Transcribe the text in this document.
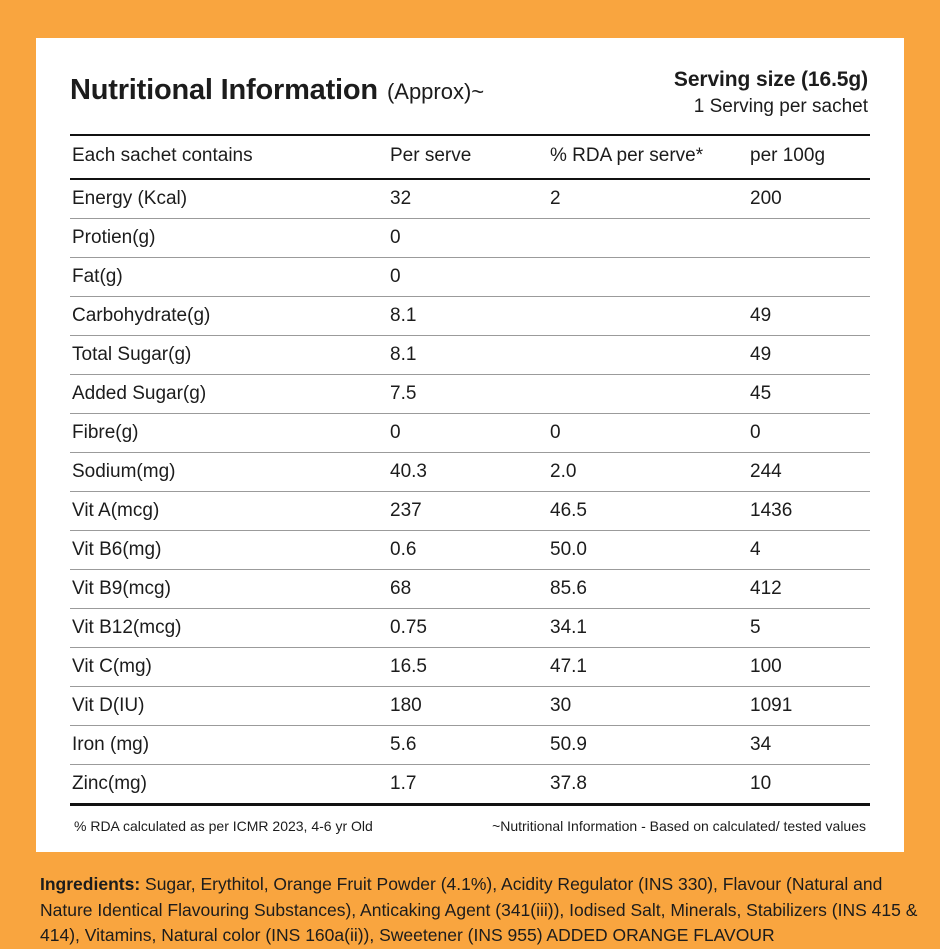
Nutritional Information (Approx)~	Serving size (16.5g)
1 Serving per sachet
Each sachet contains	Per serve	% RDA per serve*	per 100g
Energy (Kcal)	32	2	200
Protien(g)	0		
Fat(g)	0		
Carbohydrate(g)	8.1		49
Total Sugar(g)	8.1		49
Added Sugar(g)	7.5		45
Fibre(g)	0	0	0
Sodium(mg)	40.3	2.0	244
Vit A(mcg)	237	46.5	1436
Vit B6(mg)	0.6	50.0	4
Vit B9(mcg)	68	85.6	412
Vit B12(mcg)	0.75	34.1	5
Vit C(mg)	16.5	47.1	100
Vit D(IU)	180	30	1091
Iron (mg)	5.6	50.9	34
Zinc(mg)	1.7	37.8	10
% RDA calculated as per ICMR 2023, 4-6 yr Old	~Nutritional Information - Based on calculated/ tested values
Ingredients: Sugar, Erythitol, Orange Fruit Powder (4.1%), Acidity Regulator (INS 330), Flavour (Natural and Nature Identical Flavouring Substances), Anticaking Agent (341(iii)), Iodised Salt, Minerals, Stabilizers (INS 415 & 414), Vitamins, Natural color (INS 160a(ii)), Sweetener (INS 955) ADDED ORANGE FLAVOUR
